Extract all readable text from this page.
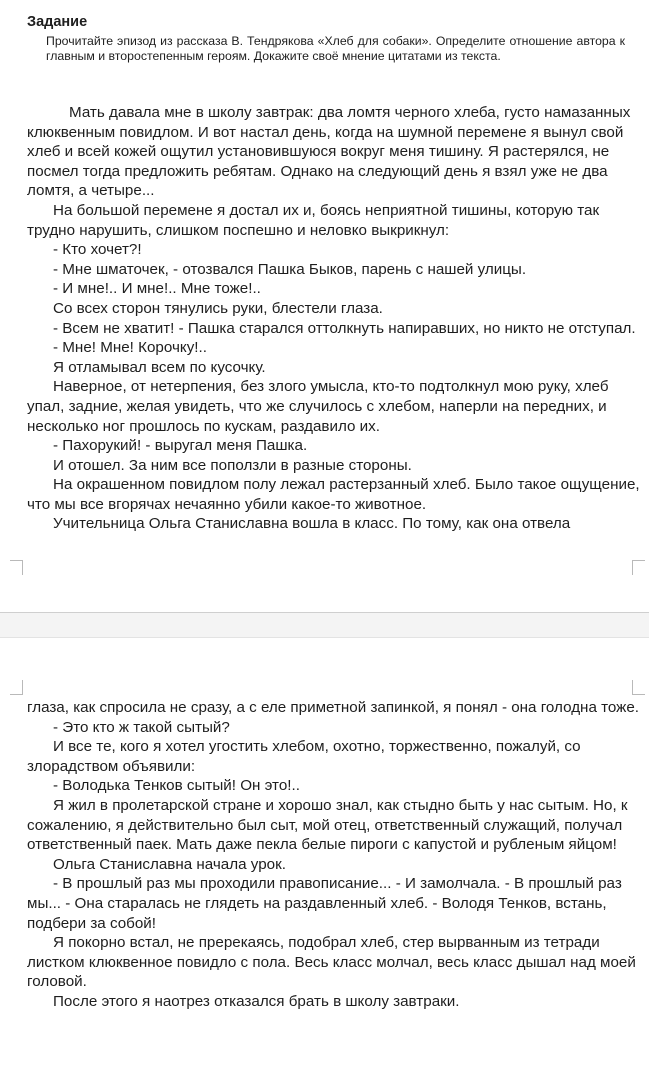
Задание
Прочитайте эпизод из рассказа В. Тендрякова «Хлеб для собаки». Определите отношение автора к главным и второстепенным героям. Докажите своё мнение цитатами из текста.

Мать давала мне в школу завтрак: два ломтя черного хлеба, густо намазанных клюквенным повидлом. И вот настал день, когда на шумной перемене я вынул свой хлеб и всей кожей ощутил установившуюся вокруг меня тишину. Я растерялся, не посмел тогда предложить ребятам. Однако на следующий день я взял уже не два ломтя, а четыре...

На большой перемене я достал их и, боясь неприятной тишины, которую так трудно нарушить, слишком поспешно и неловко выкрикнул:

- Кто хочет?!

- Мне шматочек, - отозвался Пашка Быков, парень с нашей улицы.

- И мне!.. И мне!.. Мне тоже!..

Со всех сторон тянулись руки, блестели глаза.

- Всем не хватит! - Пашка старался оттолкнуть напиравших, но никто не отступал.

- Мне! Мне! Корочку!..

Я отламывал всем по кусочку.

Наверное, от нетерпения, без злого умысла, кто-то подтолкнул мою руку, хлеб упал, задние, желая увидеть, что же случилось с хлебом, наперли на передних, и несколько ног прошлось по кускам, раздавило их.

- Пахорукий! - выругал меня Пашка.

И отошел. За ним все поползли в разные стороны.

На окрашенном повидлом полу лежал растерзанный хлеб. Было такое ощущение, что мы все вгорячах нечаянно убили какое-то животное.

Учительница Ольга Станиславна вошла в класс. По тому, как она отвела

глаза, как спросила не сразу, а с еле приметной запинкой, я понял - она голодна тоже.

- Это кто ж такой сытый?

И все те, кого я хотел угостить хлебом, охотно, торжественно, пожалуй, со злорадством объявили:

- Володька Тенков сытый! Он это!..

Я жил в пролетарской стране и хорошо знал, как стыдно быть у нас сытым. Но, к сожалению, я действительно был сыт, мой отец, ответственный служащий, получал ответственный паек. Мать даже пекла белые пироги с капустой и рубленым яйцом!

Ольга Станиславна начала урок.

- В прошлый раз мы проходили правописание... - И замолчала. - В прошлый раз мы... - Она старалась не глядеть на раздавленный хлеб. - Володя Тенков, встань, подбери за собой!

Я покорно встал, не пререкаясь, подобрал хлеб, стер вырванным из тетради листком клюквенное повидло с пола. Весь класс молчал, весь класс дышал над моей головой.

После этого я наотрез отказался брать в школу завтраки.
